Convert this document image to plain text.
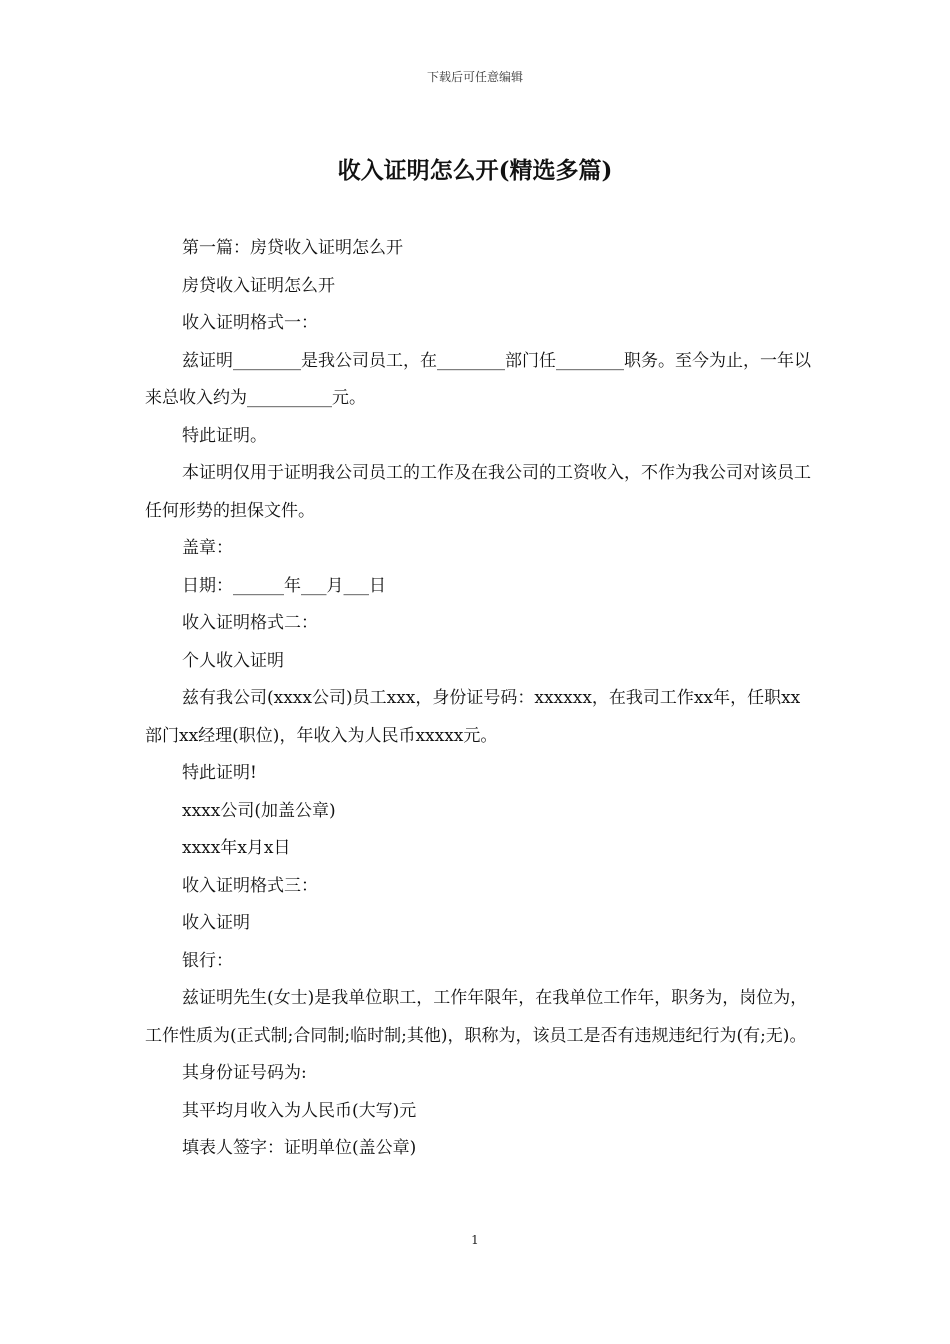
下载后可任意编辑
收入证明怎么开(精选多篇)

第一篇：房贷收入证明怎么开

房贷收入证明怎么开

收入证明格式一：

兹证明________是我公司员工，在________部门任________职务。至今为止，一年以来总收入约为__________元。

特此证明。

本证明仅用于证明我公司员工的工作及在我公司的工资收入，不作为我公司对该员工任何形势的担保文件。

盖章：

日期：______年___月___日

收入证明格式二：

个人收入证明

兹有我公司(xxxx公司)员工xxx，身份证号码：xxxxxx，在我司工作xx年，任职xx部门xx经理(职位)，年收入为人民币xxxxx元。

特此证明!

xxxx公司(加盖公章)

xxxx年x月x日

收入证明格式三：

收入证明

银行：

兹证明先生(女士)是我单位职工，工作年限年，在我单位工作年，职务为，岗位为，工作性质为(正式制;合同制;临时制;其他)，职称为，该员工是否有违规违纪行为(有;无)。

其身份证号码为:

其平均月收入为人民币(大写)元

填表人签字：证明单位(盖公章)

1
